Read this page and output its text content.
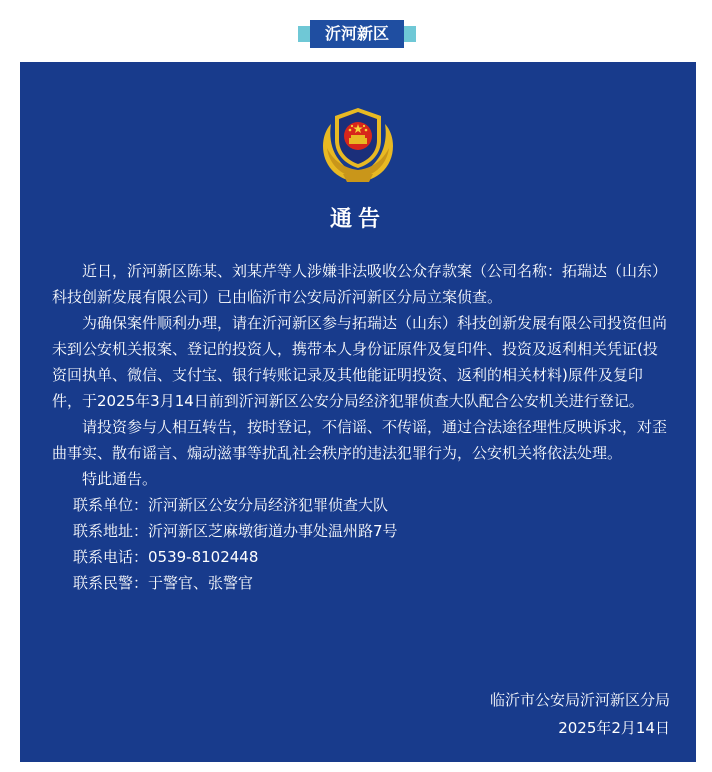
沂河新区
通告

近日，沂河新区陈某、刘某芹等人涉嫌非法吸收公众存款案（公司名称：拓瑞达（山东）科技创新发展有限公司）已由临沂市公安局沂河新区分局立案侦查。

为确保案件顺利办理，请在沂河新区参与拓瑞达（山东）科技创新发展有限公司投资但尚未到公安机关报案、登记的投资人，携带本人身份证原件及复印件、投资及返利相关凭证(投资回执单、微信、支付宝、银行转账记录及其他能证明投资、返利的相关材料)原件及复印件，于2025年3月14日前到沂河新区公安分局经济犯罪侦查大队配合公安机关进行登记。

请投资参与人相互转告，按时登记，不信谣、不传谣，通过合法途径理性反映诉求，对歪曲事实、散布谣言、煽动滋事等扰乱社会秩序的违法犯罪行为，公安机关将依法处理。

特此通告。

联系单位：沂河新区公安分局经济犯罪侦查大队

联系地址：沂河新区芝麻墩街道办事处温州路7号

联系电话：0539-8102448

联系民警：于警官、张警官

临沂市公安局沂河新区分局
2025年2月14日
